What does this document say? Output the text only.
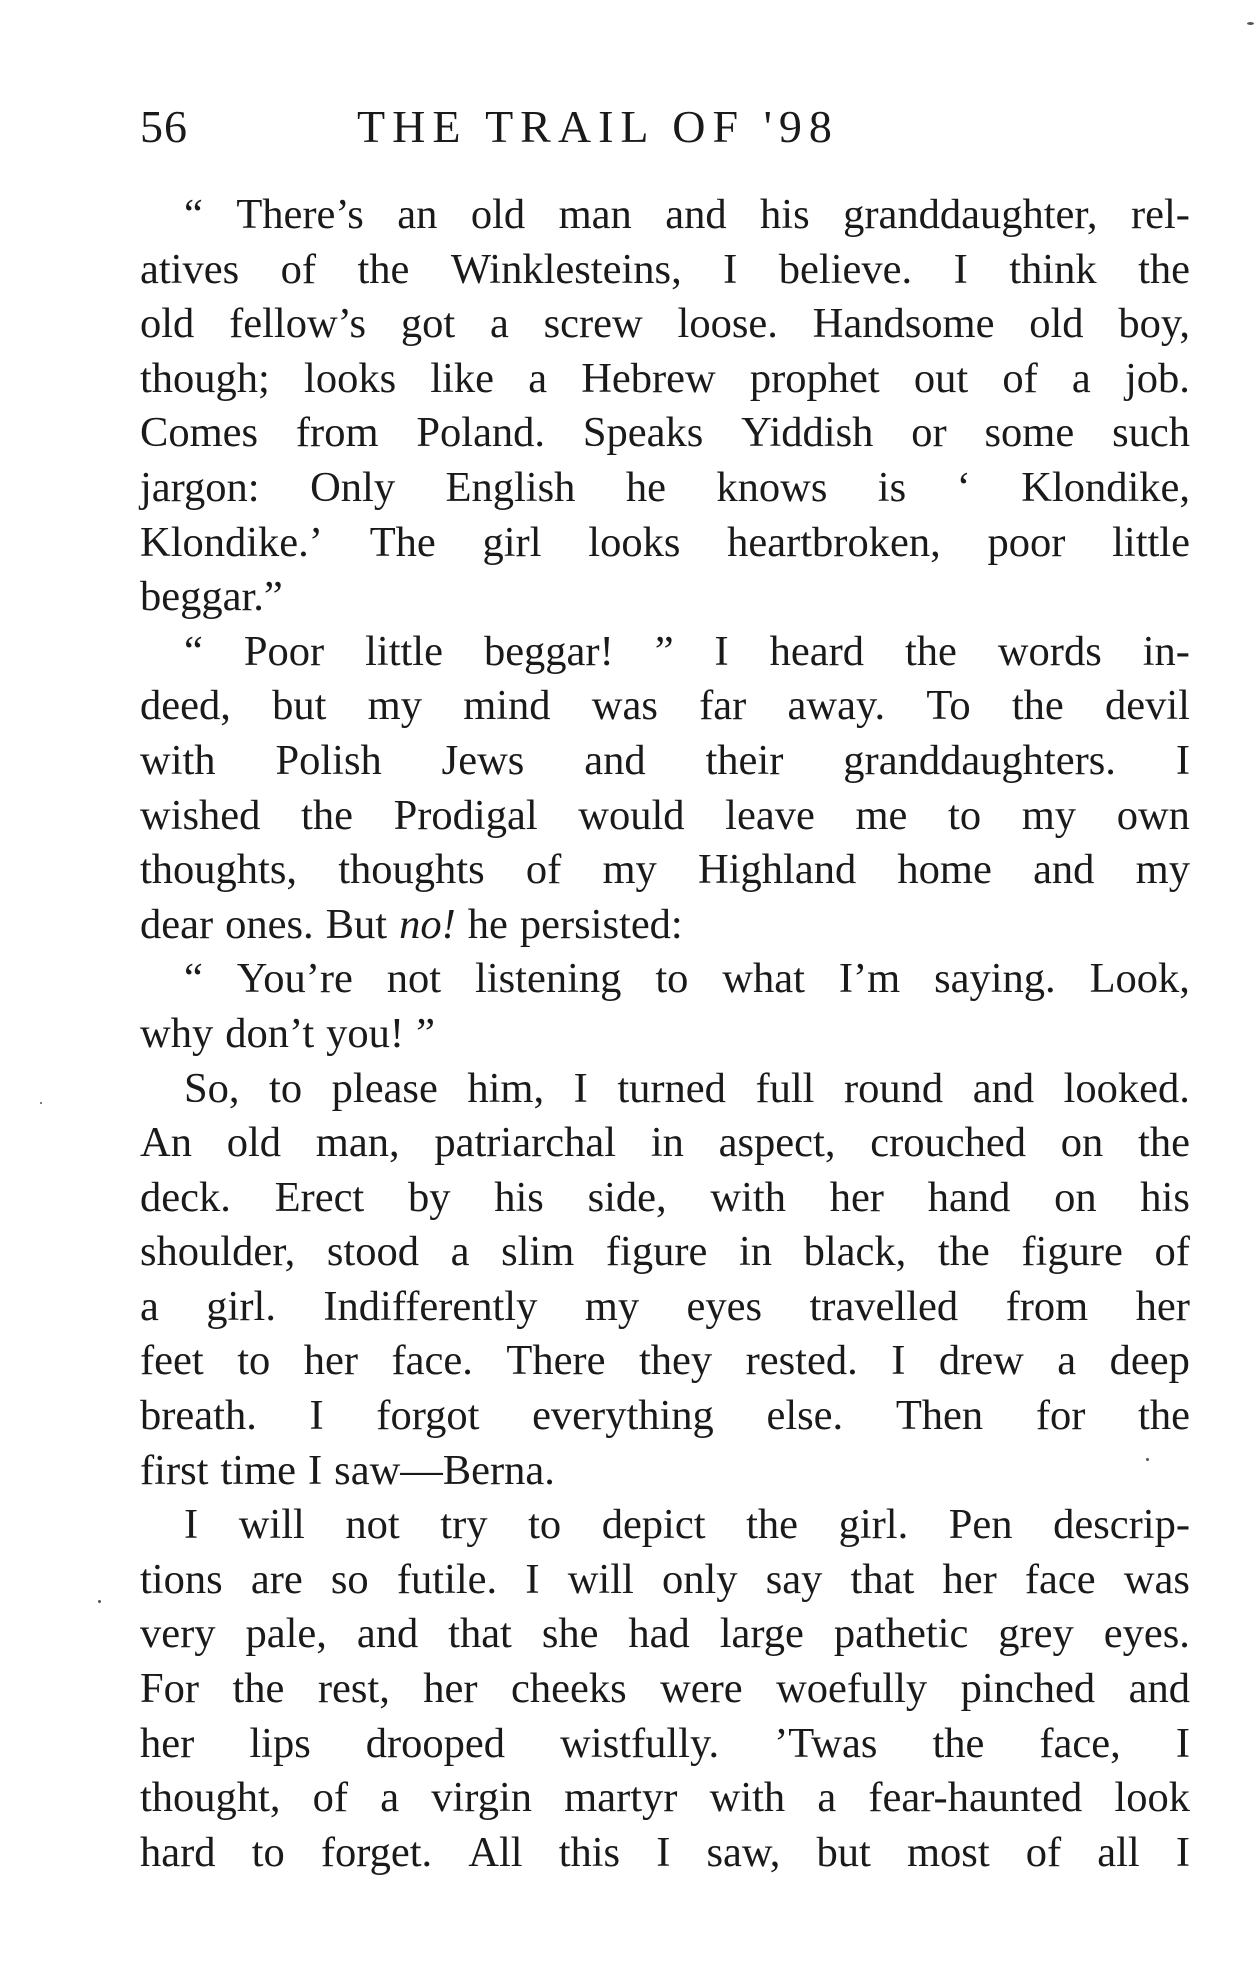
56	THE TRAIL OF '98
“ There’s an old man and his granddaughter, rel-
atives of the Winklesteins, I believe. I think the
old fellow’s got a screw loose. Handsome old boy,
though; looks like a Hebrew prophet out of a job.
Comes from Poland. Speaks Yiddish or some such
jargon: Only English he knows is ‘ Klondike,
Klondike.’ The girl looks heartbroken, poor little
beggar.”
“ Poor little beggar! ” I heard the words in-
deed, but my mind was far away. To the devil
with Polish Jews and their granddaughters. I
wished the Prodigal would leave me to my own
thoughts, thoughts of my Highland home and my
dear ones. But no! he persisted:
“ You’re not listening to what I’m saying. Look,
why don’t you! ”
So, to please him, I turned full round and looked.
An old man, patriarchal in aspect, crouched on the
deck. Erect by his side, with her hand on his
shoulder, stood a slim figure in black, the figure of
a girl. Indifferently my eyes travelled from her
feet to her face. There they rested. I drew a deep
breath. I forgot everything else. Then for the
first time I saw—Berna.
I will not try to depict the girl. Pen descrip-
tions are so futile. I will only say that her face was
very pale, and that she had large pathetic grey eyes.
For the rest, her cheeks were woefully pinched and
her lips drooped wistfully. ’Twas the face, I
thought, of a virgin martyr with a fear-haunted look
hard to forget. All this I saw, but most of all I
